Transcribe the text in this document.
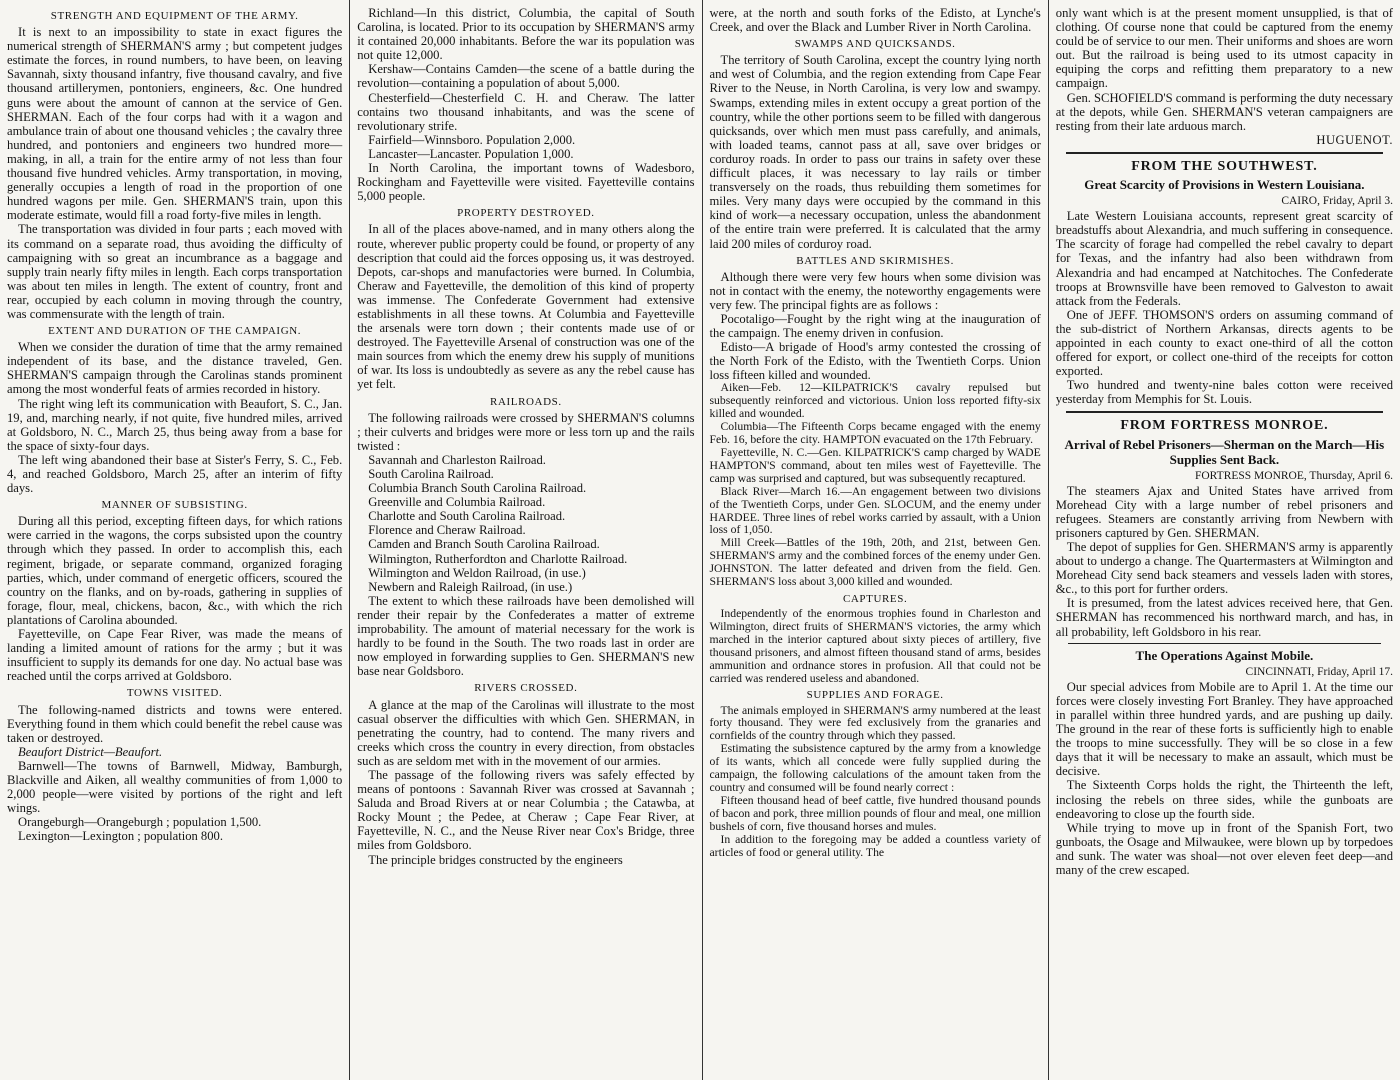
STRENGTH AND EQUIPMENT OF THE ARMY.

It is next to an impossibility to state in exact figures the numerical strength of SHERMAN'S army ; but competent judges estimate the forces, in round numbers, to have been, on leaving Savannah, sixty thousand infantry, five thousand cavalry, and five thousand artillerymen, pontoniers, engineers, &c. One hundred guns were about the amount of cannon at the service of Gen. SHERMAN. Each of the four corps had with it a wagon and ambulance train of about one thousand vehicles ; the cavalry three hundred, and pontoniers and engineers two hundred more—making, in all, a train for the entire army of not less than four thousand five hundred vehicles. Army transportation, in moving, generally occupies a length of road in the proportion of one hundred wagons per mile. Gen. SHERMAN'S train, upon this moderate estimate, would fill a road forty-five miles in length.

The transportation was divided in four parts ; each moved with its command on a separate road, thus avoiding the difficulty of campaigning with so great an incumbrance as a baggage and supply train nearly fifty miles in length. Each corps transportation was about ten miles in length. The extent of country, front and rear, occupied by each column in moving through the country, was commensurate with the length of train.

EXTENT AND DURATION OF THE CAMPAIGN.

When we consider the duration of time that the army remained independent of its base, and the distance traveled, Gen. SHERMAN'S campaign through the Carolinas stands prominent among the most wonderful feats of armies recorded in history.

The right wing left its communication with Beaufort, S. C., Jan. 19, and, marching nearly, if not quite, five hundred miles, arrived at Goldsboro, N. C., March 25, thus being away from a base for the space of sixty-four days.

The left wing abandoned their base at Sister's Ferry, S. C., Feb. 4, and reached Goldsboro, March 25, after an interim of fifty days.

MANNER OF SUBSISTING.

During all this period, excepting fifteen days, for which rations were carried in the wagons, the corps subsisted upon the country through which they passed. In order to accomplish this, each regiment, brigade, or separate command, organized foraging parties, which, under command of energetic officers, scoured the country on the flanks, and on by-roads, gathering in supplies of forage, flour, meal, chickens, bacon, &c., with which the rich plantations of Carolina abounded.

Fayetteville, on Cape Fear River, was made the means of landing a limited amount of rations for the army ; but it was insufficient to supply its demands for one day. No actual base was reached until the corps arrived at Goldsboro.

TOWNS VISITED.

The following-named districts and towns were entered. Everything found in them which could benefit the rebel cause was taken or destroyed.

Beaufort District—Beaufort.

Barnwell—The towns of Barnwell, Midway, Bamburgh, Blackville and Aiken, all wealthy communities of from 1,000 to 2,000 people—were visited by portions of the right and left wings.

Orangeburgh—Orangeburgh ; population 1,500.

Lexington—Lexington ; population 800.

Richland—In this district, Columbia, the capital of South Carolina, is located. Prior to its occupation by SHERMAN'S army it contained 20,000 inhabitants. Before the war its population was not quite 12,000.

Kershaw—Contains Camden—the scene of a battle during the revolution—containing a population of about 5,000.

Chesterfield—Chesterfield C. H. and Cheraw. The latter contains two thousand inhabitants, and was the scene of revolutionary strife.

Fairfield—Winnsboro. Population 2,000.

Lancaster—Lancaster. Population 1,000.

In North Carolina, the important towns of Wadesboro, Rockingham and Fayetteville were visited. Fayetteville contains 5,000 people.

PROPERTY DESTROYED.

In all of the places above-named, and in many others along the route, wherever public property could be found, or property of any description that could aid the forces opposing us, it was destroyed. Depots, car-shops and manufactories were burned. In Columbia, Cheraw and Fayetteville, the demolition of this kind of property was immense. The Confederate Government had extensive establishments in all these towns. At Columbia and Fayetteville the arsenals were torn down ; their contents made use of or destroyed. The Fayetteville Arsenal of construction was one of the main sources from which the enemy drew his supply of munitions of war. Its loss is undoubtedly as severe as any the rebel cause has yet felt.

RAILROADS.

The following railroads were crossed by SHERMAN'S columns ; their culverts and bridges were more or less torn up and the rails twisted :

Savannah and Charleston Railroad.

South Carolina Railroad.

Columbia Branch South Carolina Railroad.

Greenville and Columbia Railroad.

Charlotte and South Carolina Railroad.

Florence and Cheraw Railroad.

Camden and Branch South Carolina Railroad.

Wilmington, Rutherfordton and Charlotte Railroad.

Wilmington and Weldon Railroad, (in use.)

Newbern and Raleigh Railroad, (in use.)

The extent to which these railroads have been demolished will render their repair by the Confederates a matter of extreme improbability. The amount of material necessary for the work is hardly to be found in the South. The two roads last in order are now employed in forwarding supplies to Gen. SHERMAN'S new base near Goldsboro.

RIVERS CROSSED.

A glance at the map of the Carolinas will illustrate to the most casual observer the difficulties with which Gen. SHERMAN, in penetrating the country, had to contend. The many rivers and creeks which cross the country in every direction, from obstacles such as are seldom met with in the movement of our armies.

The passage of the following rivers was safely effected by means of pontoons : Savannah River was crossed at Savannah ; Saluda and Broad Rivers at or near Columbia ; the Catawba, at Rocky Mount ; the Pedee, at Cheraw ; Cape Fear River, at Fayetteville, N. C., and the Neuse River near Cox's Bridge, three miles from Goldsboro.

The principle bridges constructed by the engineers

were, at the north and south forks of the Edisto, at Lynche's Creek, and over the Black and Lumber River in North Carolina.

SWAMPS AND QUICKSANDS.

The territory of South Carolina, except the country lying north and west of Columbia, and the region extending from Cape Fear River to the Neuse, in North Carolina, is very low and swampy. Swamps, extending miles in extent occupy a great portion of the country, while the other portions seem to be filled with dangerous quicksands, over which men must pass carefully, and animals, with loaded teams, cannot pass at all, save over bridges or corduroy roads. In order to pass our trains in safety over these difficult places, it was necessary to lay rails or timber transversely on the roads, thus rebuilding them sometimes for miles. Very many days were occupied by the command in this kind of work—a necessary occupation, unless the abandonment of the entire train were preferred. It is calculated that the army laid 200 miles of corduroy road.

BATTLES AND SKIRMISHES.

Although there were very few hours when some division was not in contact with the enemy, the noteworthy engagements were very few. The principal fights are as follows :

Pocotaligo—Fought by the right wing at the inauguration of the campaign. The enemy driven in confusion.

Edisto—A brigade of Hood's army contested the crossing of the North Fork of the Edisto, with the Twentieth Corps. Union loss fifteen killed and wounded.

Aiken—Feb. 12—KILPATRICK'S cavalry repulsed but subsequently reinforced and victorious. Union loss reported fifty-six killed and wounded.

Columbia—The Fifteenth Corps became engaged with the enemy Feb. 16, before the city. HAMPTON evacuated on the 17th February.

Fayetteville, N. C.—Gen. KILPATRICK'S camp charged by WADE HAMPTON'S command, about ten miles west of Fayetteville. The camp was surprised and captured, but was subsequently recaptured.

Black River—March 16.—An engagement between two divisions of the Twentieth Corps, under Gen. SLOCUM, and the enemy under HARDEE. Three lines of rebel works carried by assault, with a Union loss of 1,050.

Mill Creek—Battles of the 19th, 20th, and 21st, between Gen. SHERMAN'S army and the combined forces of the enemy under Gen. JOHNSTON. The latter defeated and driven from the field. Gen. SHERMAN'S loss about 3,000 killed and wounded.

CAPTURES.

Independently of the enormous trophies found in Charleston and Wilmington, direct fruits of SHERMAN'S victories, the army which marched in the interior captured about sixty pieces of artillery, five thousand prisoners, and almost fifteen thousand stand of arms, besides ammunition and ordnance stores in profusion. All that could not be carried was rendered useless and abandoned.

SUPPLIES AND FORAGE.

The animals employed in SHERMAN'S army numbered at the least forty thousand. They were fed exclusively from the granaries and cornfields of the country through which they passed.

Estimating the subsistence captured by the army from a knowledge of its wants, which all concede were fully supplied during the campaign, the following calculations of the amount taken from the country and consumed will be found nearly correct :

Fifteen thousand head of beef cattle, five hundred thousand pounds of bacon and pork, three million pounds of flour and meal, one million bushels of corn, five thousand horses and mules.

In addition to the foregoing may be added a countless variety of articles of food or general utility. The

only want which is at the present moment unsupplied, is that of clothing. Of course none that could be captured from the enemy could be of service to our men. Their uniforms and shoes are worn out. But the railroad is being used to its utmost capacity in equiping the corps and refitting them preparatory to a new campaign.

Gen. SCHOFIELD'S command is performing the duty necessary at the depots, while Gen. SHERMAN'S veteran campaigners are resting from their late arduous march.

HUGUENOT.
FROM THE SOUTHWEST.
Great Scarcity of Provisions in Western Louisiana.
CAIRO, Friday, April 3.

Late Western Louisiana accounts, represent great scarcity of breadstuffs about Alexandria, and much suffering in consequence. The scarcity of forage had compelled the rebel cavalry to depart for Texas, and the infantry had also been withdrawn from Alexandria and had encamped at Natchitoches. The Confederate troops at Brownsville have been removed to Galveston to await attack from the Federals.

One of JEFF. THOMSON'S orders on assuming command of the sub-district of Northern Arkansas, directs agents to be appointed in each county to exact one-third of all the cotton offered for export, or collect one-third of the receipts for cotton exported.

Two hundred and twenty-nine bales cotton were received yesterday from Memphis for St. Louis.

FROM FORTRESS MONROE.
Arrival of Rebel Prisoners—Sherman on the March—His Supplies Sent Back.
FORTRESS MONROE, Thursday, April 6.

The steamers Ajax and United States have arrived from Morehead City with a large number of rebel prisoners and refugees. Steamers are constantly arriving from Newbern with prisoners captured by Gen. SHERMAN.

The depot of supplies for Gen. SHERMAN'S army is apparently about to undergo a change. The Quartermasters at Wilmington and Morehead City send back steamers and vessels laden with stores, &c., to this port for further orders.

It is presumed, from the latest advices received here, that Gen. SHERMAN has recommenced his northward march, and has, in all probability, left Goldsboro in his rear.

The Operations Against Mobile.
CINCINNATI, Friday, April 17.

Our special advices from Mobile are to April 1. At the time our forces were closely investing Fort Branley. They have approached in parallel within three hundred yards, and are pushing up daily. The ground in the rear of these forts is sufficiently high to enable the troops to mine successfully. They will be so close in a few days that it will be necessary to make an assault, which must be decisive.

The Sixteenth Corps holds the right, the Thirteenth the left, inclosing the rebels on three sides, while the gunboats are endeavoring to close up the fourth side.

While trying to move up in front of the Spanish Fort, two gunboats, the Osage and Milwaukee, were blown up by torpedoes and sunk. The water was shoal—not over eleven feet deep—and many of the crew escaped.
